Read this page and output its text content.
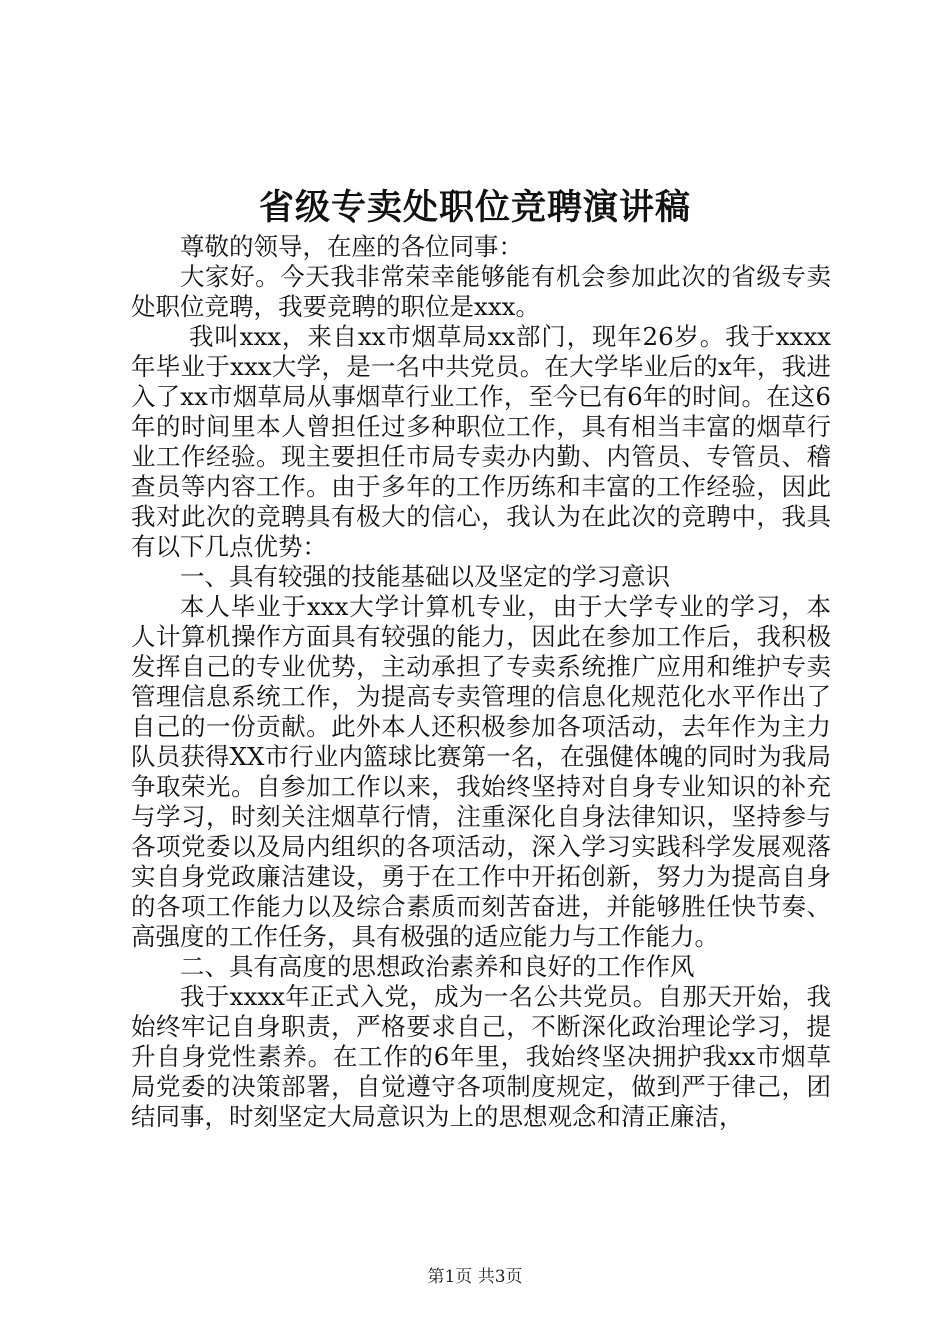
省级专卖处职位竞聘演讲稿

尊敬的领导，在座的各位同事：

大家好。今天我非常荣幸能够能有机会参加此次的省级专卖处职位竞聘，我要竞聘的职位是xxx。

我叫xxx，来自xx市烟草局xx部门，现年26岁。我于xxxx年毕业于xxx大学，是一名中共党员。在大学毕业后的x年，我进入了xx市烟草局从事烟草行业工作，至今已有6年的时间。在这6年的时间里本人曾担任过多种职位工作，具有相当丰富的烟草行业工作经验。现主要担任市局专卖办内勤、内管员、专管员、稽查员等内容工作。由于多年的工作历练和丰富的工作经验，因此我对此次的竞聘具有极大的信心，我认为在此次的竞聘中，我具有以下几点优势：

一、具有较强的技能基础以及坚定的学习意识

本人毕业于xxx大学计算机专业，由于大学专业的学习，本人计算机操作方面具有较强的能力，因此在参加工作后，我积极发挥自己的专业优势，主动承担了专卖系统推广应用和维护专卖管理信息系统工作，为提高专卖管理的信息化规范化水平作出了自己的一份贡献。此外本人还积极参加各项活动，去年作为主力队员获得XX市行业内篮球比赛第一名，在强健体魄的同时为我局争取荣光。自参加工作以来，我始终坚持对自身专业知识的补充与学习，时刻关注烟草行情，注重深化自身法律知识，坚持参与各项党委以及局内组织的各项活动，深入学习实践科学发展观落实自身党政廉洁建设，勇于在工作中开拓创新，努力为提高自身的各项工作能力以及综合素质而刻苦奋进，并能够胜任快节奏、高强度的工作任务，具有极强的适应能力与工作能力。

二、具有高度的思想政治素养和良好的工作作风

我于xxxx年正式入党，成为一名公共党员。自那天开始，我始终牢记自身职责，严格要求自己，不断深化政治理论学习，提升自身党性素养。在工作的6年里，我始终坚决拥护我xx市烟草局党委的决策部署，自觉遵守各项制度规定，做到严于律己，团结同事，时刻坚定大局意识为上的思想观念和清正廉洁，

第1页 共3页
